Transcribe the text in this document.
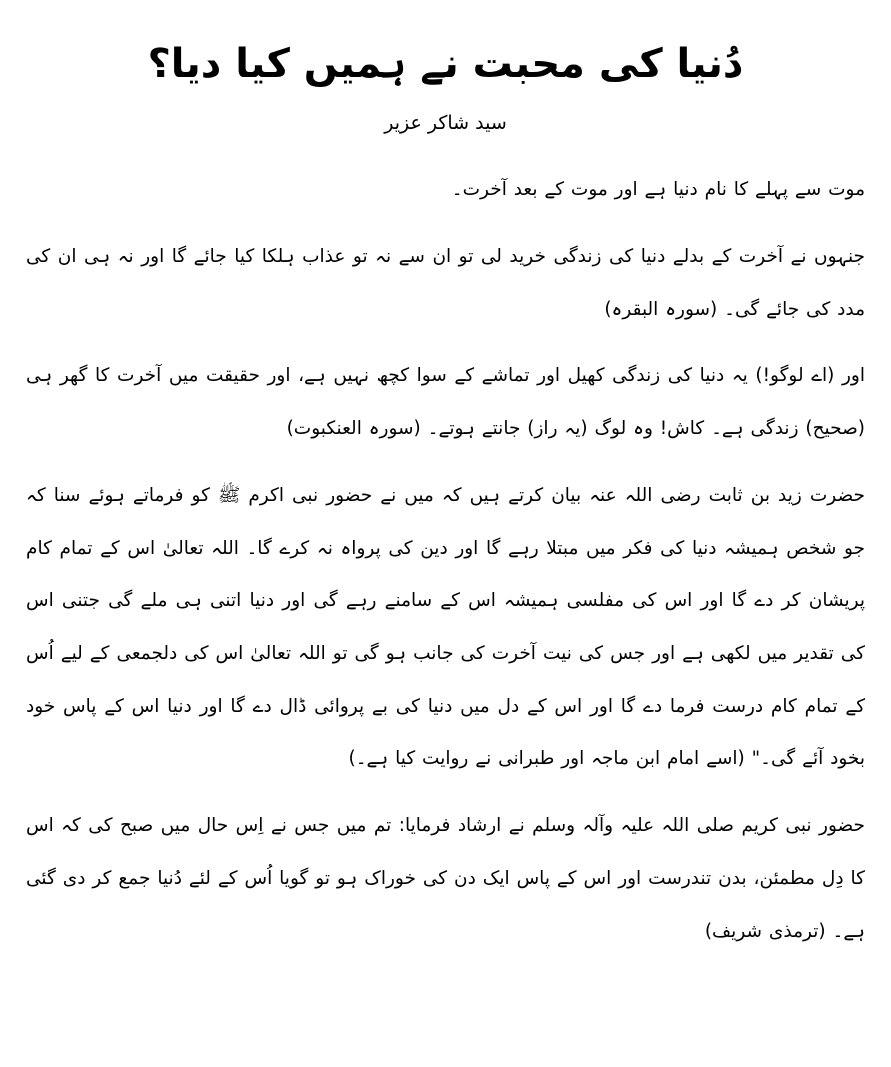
دُنیا کی محبت نے ہمیں کیا دیا؟
سید شاکر عزیر

موت سے پہلے کا نام دنیا ہے اور موت کے بعد آخرت۔

جنہوں نے آخرت کے بدلے دنیا کی زندگی خرید لی تو ان سے نہ تو عذاب ہلکا کیا جائے گا اور نہ ہی ان کی مدد کی جائے گی۔ (سورہ البقرہ)

اور (اے لوگو!) یہ دنیا کی زندگی کھیل اور تماشے کے سوا کچھ نہیں ہے، اور حقیقت میں آخرت کا گھر ہی (صحیح) زندگی ہے۔ کاش! وہ لوگ (یہ راز) جانتے ہوتے۔ (سورہ العنکبوت)

حضرت زید بن ثابت رضی اللہ عنہ بیان کرتے ہیں کہ میں نے حضور نبی اکرم ﷺ کو فرماتے ہوئے سنا کہ جو شخص ہمیشہ دنیا کی فکر میں مبتلا رہے گا اور دین کی پرواہ نہ کرے گا۔ اللہ تعالیٰ اس کے تمام کام پریشان کر دے گا اور اس کی مفلسی ہمیشہ اس کے سامنے رہے گی اور دنیا اتنی ہی ملے گی جتنی اس کی تقدیر میں لکھی ہے اور جس کی نیت آخرت کی جانب ہو گی تو اللہ تعالیٰ اس کی دلجمعی کے لیے اُس کے تمام کام درست فرما دے گا اور اس کے دل میں دنیا کی بے پروائی ڈال دے گا اور دنیا اس کے پاس خود بخود آئے گی۔" (اسے امام ابن ماجہ اور طبرانی نے روایت کیا ہے۔)

حضور نبی کریم صلی اللہ علیہ وآلہ وسلم نے ارشاد فرمایا: تم میں جس نے اِس حال میں صبح کی کہ اس کا دِل مطمئن، بدن تندرست اور اس کے پاس ایک دن کی خوراک ہو تو گویا اُس کے لئے دُنیا جمع کر دی گئی ہے۔ (ترمذی شریف)
